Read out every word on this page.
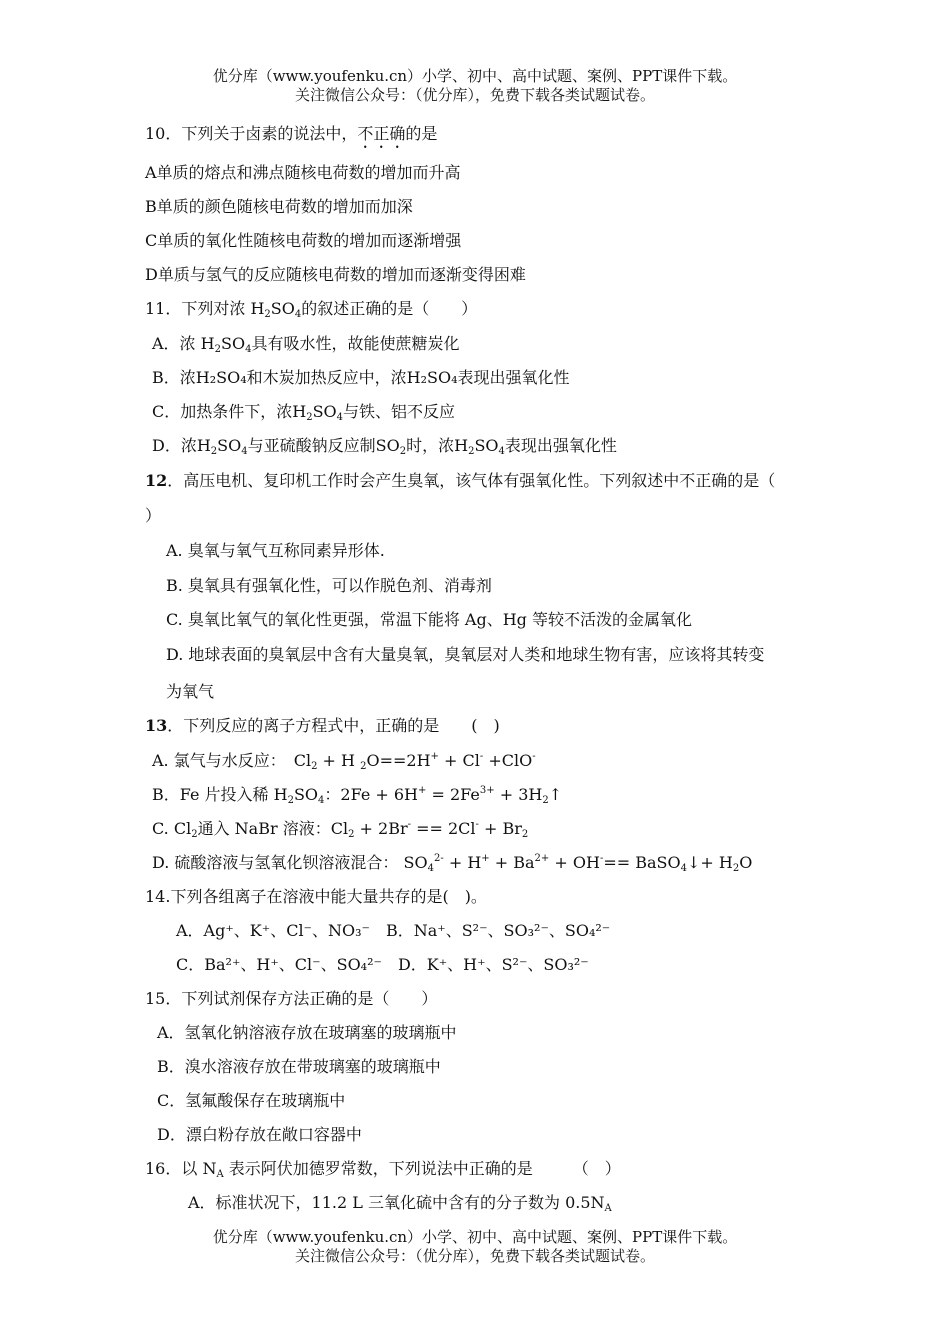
优分库（www.youfenku.cn）小学、初中、高中试题、案例、PPT课件下载。
关注微信公众号：（优分库），免费下载各类试题试卷。
10．下列关于卤素的说法中，不正确的是
A单质的熔点和沸点随核电荷数的增加而升高
B单质的颜色随核电荷数的增加而加深
C单质的氧化性随核电荷数的增加而逐渐增强
D单质与氢气的反应随核电荷数的增加而逐渐变得困难
11．下列对浓 $H_2SO_4$的叙述正确的是（　　）
A．浓 $H_2SO_4$具有吸水性，故能使蔗糖炭化
B．浓H₂SO₄和木炭加热反应中，浓H₂SO₄表现出强氧化性
C．加热条件下，浓$H_2SO_4$与铁、铝不反应
D．浓$H_2SO_4$与亚硫酸钠反应制$SO_2$时，浓$H_2SO_4$表现出强氧化性
12．高压电机、复印机工作时会产生臭氧，该气体有强氧化性。下列叙述中不正确的是（
）
A. 臭氧与氧气互称同素异形体.
B. 臭氧具有强氧化性，可以作脱色剂、消毒剂
C. 臭氧比氧气的氧化性更强，常温下能将 Ag、Hg 等较不活泼的金属氧化
D. 地球表面的臭氧层中含有大量臭氧，臭氧层对人类和地球生物有害，应该将其转变
为氧气
13．下列反应的离子方程式中，正确的是　　(　)
A. 氯气与水反应：　$Cl_2 + H$ $_2$O==2H+ + Cl- +ClO-
B．Fe 片投入稀 $H_2SO_4$：$2Fe + 6H^+ = 2Fe^{3+}$ + $3H_2↑$
C. $Cl_2$通入 NaBr 溶液：$Cl_2 + 2Br^- == 2Cl^- + Br_2$
D. 硫酸溶液与氢氧化钡溶液混合： $SO_4^{2-} + H^+ + Ba^{2+} + OH^-==$ BaSO$_4$↓+ $H_2O$
14.下列各组离子在溶液中能大量共存的是(　)。
A．Ag⁺、K⁺、Cl⁻、NO₃⁻　B．Na⁺、S²⁻、SO₃²⁻、SO₄²⁻
C．Ba²⁺、H⁺、Cl⁻、SO₄²⁻　D．K⁺、H⁺、S²⁻、SO₃²⁻
15．下列试剂保存方法正确的是（　　）
A．氢氧化钠溶液存放在玻璃塞的玻璃瓶中
B．溴水溶液存放在带玻璃塞的玻璃瓶中
C．氢氟酸保存在玻璃瓶中
D．漂白粉存放在敞口容器中
16．以 $N_A$ 表示阿伏加德罗常数，下列说法中正确的是　　　（　）
A．标准状况下，11.2 L 三氧化硫中含有的分子数为 $0.5N_A$
优分库（www.youfenku.cn）小学、初中、高中试题、案例、PPT课件下载。
关注微信公众号：（优分库），免费下载各类试题试卷。
